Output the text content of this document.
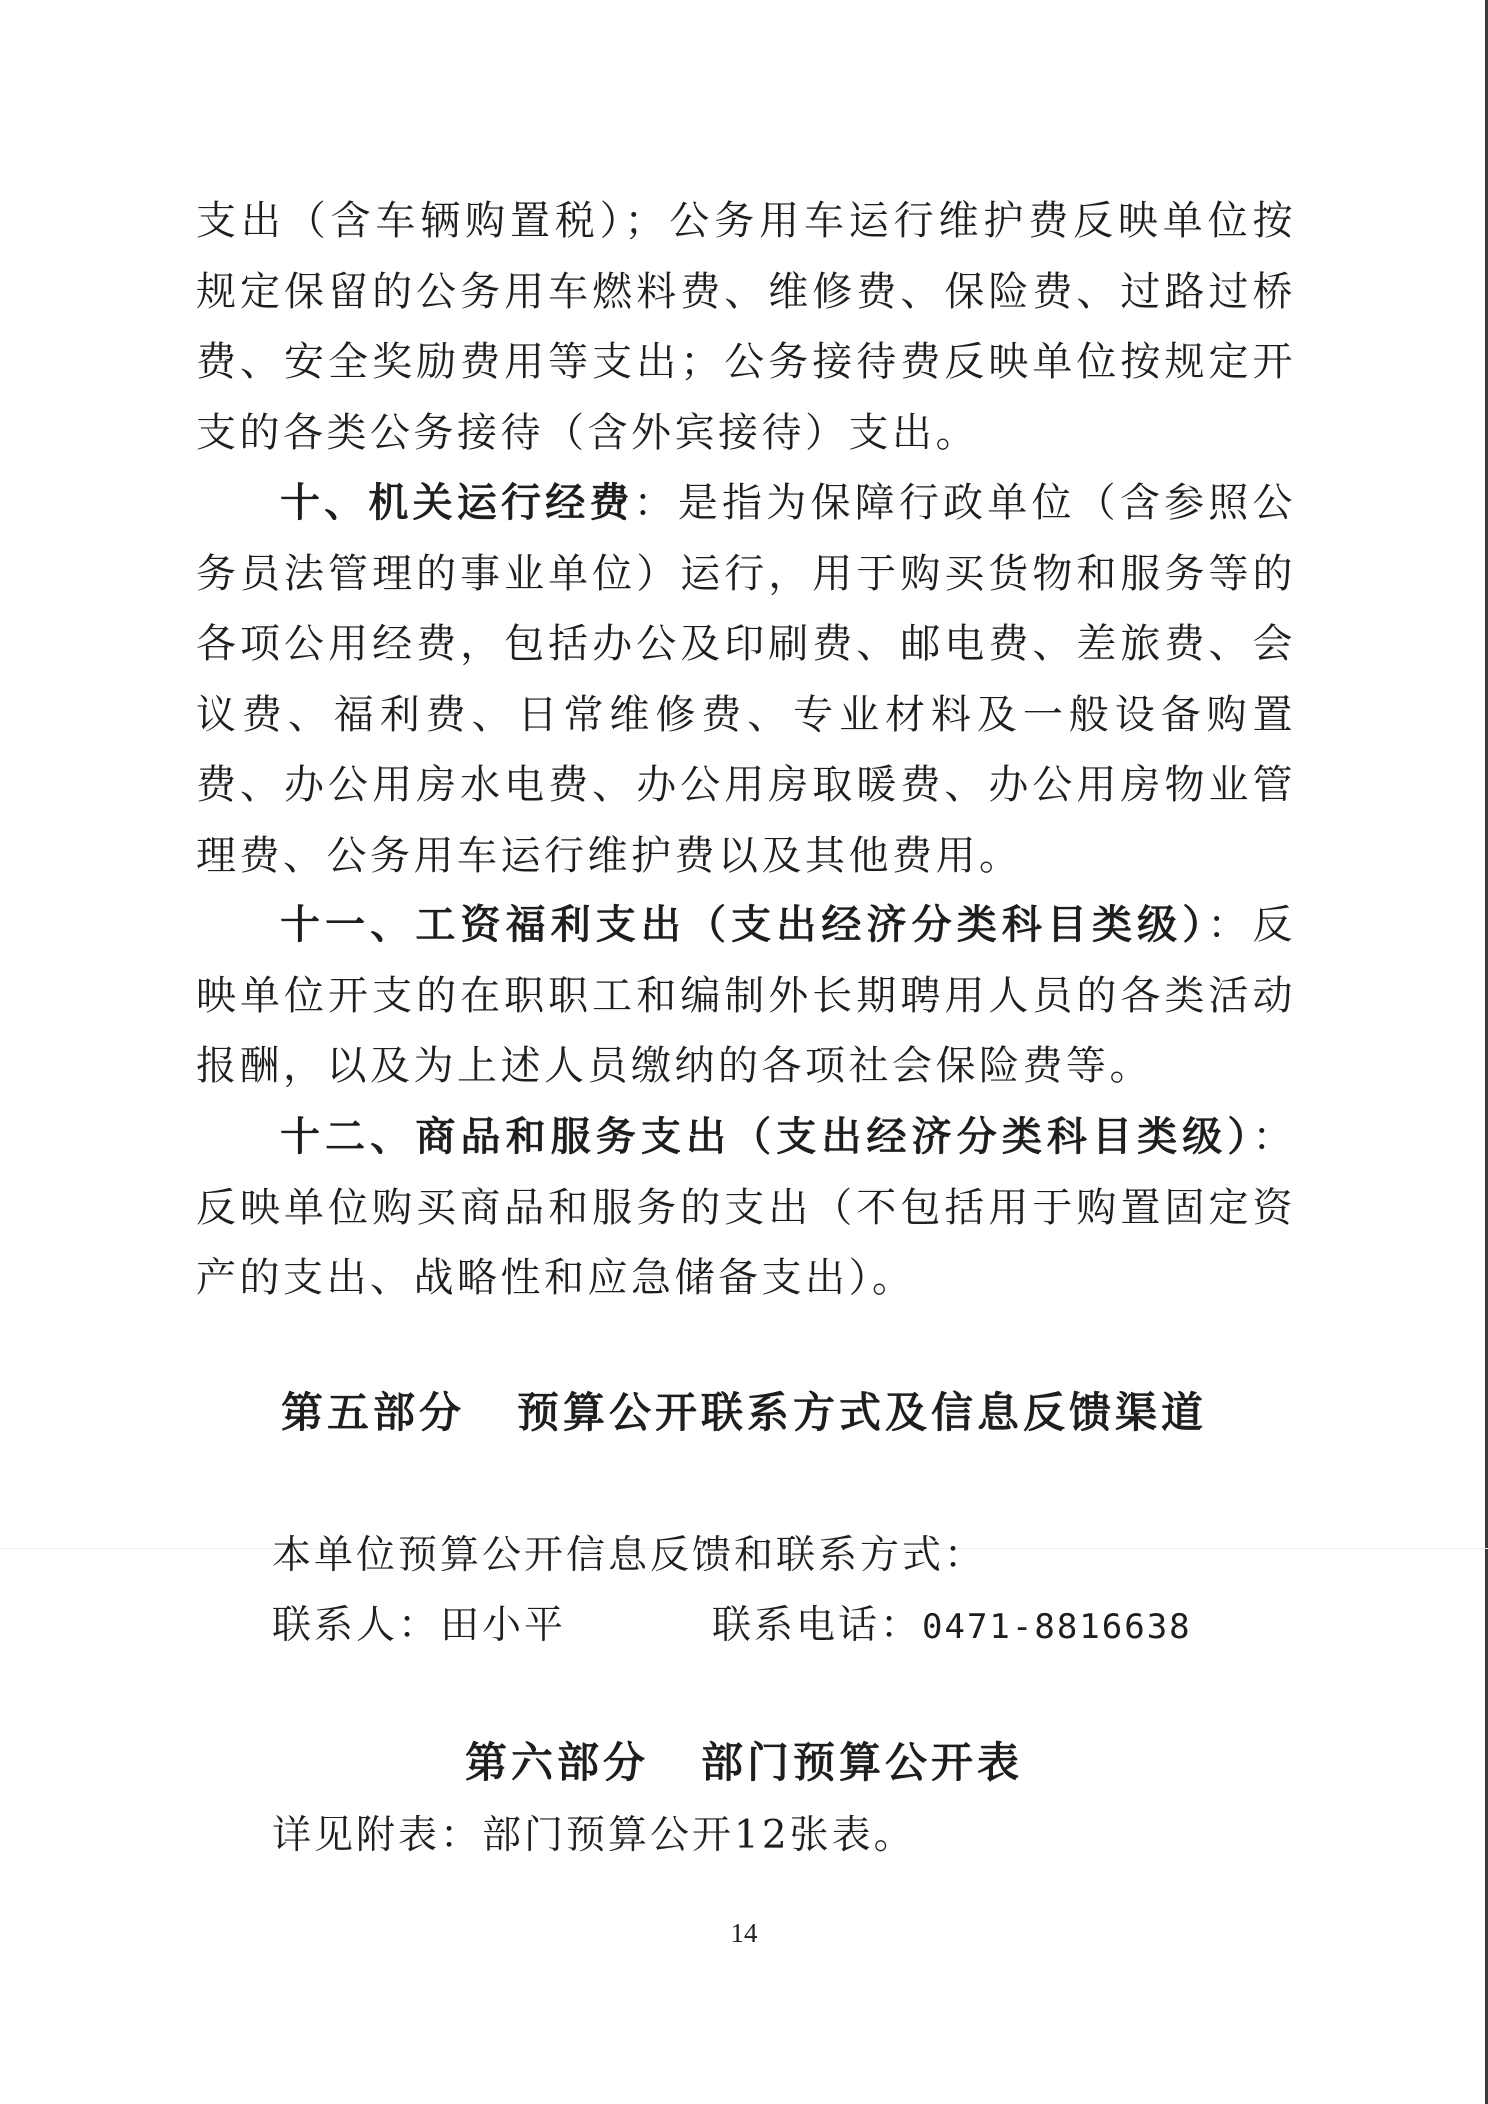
支出（含车辆购置税）；公务用车运行维护费反映单位按规定保留的公务用车燃料费、维修费、保险费、过路过桥费、安全奖励费用等支出；公务接待费反映单位按规定开支的各类公务接待（含外宾接待）支出。

十、机关运行经费：是指为保障行政单位（含参照公务员法管理的事业单位）运行，用于购买货物和服务等的各项公用经费，包括办公及印刷费、邮电费、差旅费、会议费、福利费、日常维修费、专业材料及一般设备购置费、办公用房水电费、办公用房取暖费、办公用房物业管理费、公务用车运行维护费以及其他费用。

十一、工资福利支出（支出经济分类科目类级）：反映单位开支的在职职工和编制外长期聘用人员的各类活动报酬，以及为上述人员缴纳的各项社会保险费等。

十二、商品和服务支出（支出经济分类科目类级）：反映单位购买商品和服务的支出（不包括用于购置固定资产的支出、战略性和应急储备支出）。

第五部分 预算公开联系方式及信息反馈渠道

本单位预算公开信息反馈和联系方式：

联系人：田小平	联系电话：0471-8816638
第六部分 部门预算公开表

详见附表：部门预算公开12张表。

14
